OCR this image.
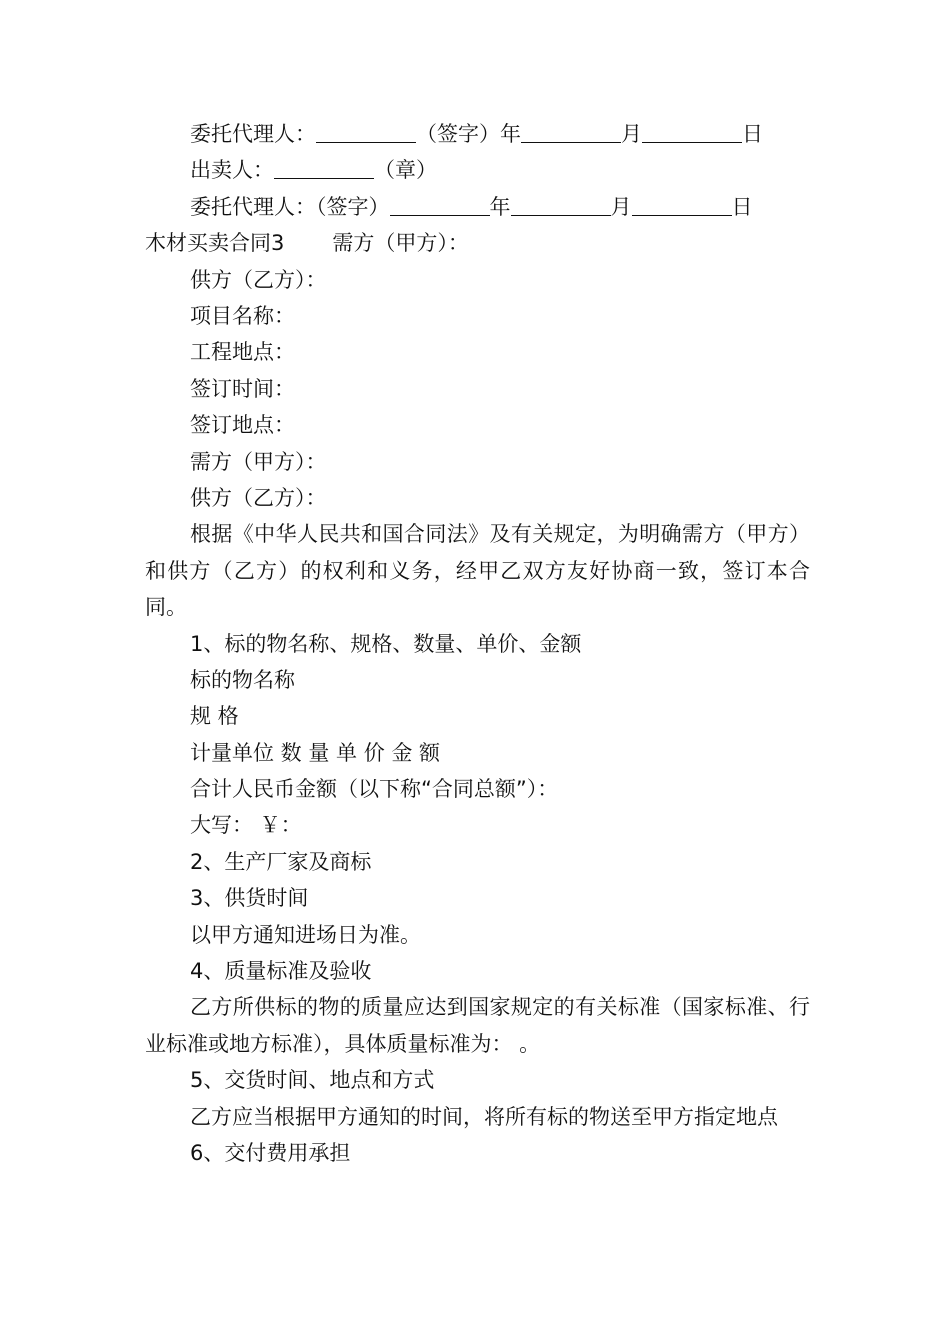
委托代理人：	（签字）年	月	日
出卖人：	（章）
委托代理人：（签字）	年	月	日
木材买卖合同3 需方（甲方）：
供方（乙方）：
项目名称：
工程地点：
签订时间：
签订地点：
需方（甲方）：
供方（乙方）：
根据《中华人民共和国合同法》及有关规定，为明确需方（甲方）和供方（乙方）的权利和义务，经甲乙双方友好协商一致，签订本合同。
1、标的物名称、规格、数量、单价、金额
标的物名称
规 格
计量单位 数 量 单 价 金 额
合计人民币金额（以下称“合同总额”）：
大写： ￥：
2、生产厂家及商标
3、供货时间
以甲方通知进场日为准。
4、质量标准及验收
乙方所供标的物的质量应达到国家规定的有关标准（国家标准、行业标准或地方标准），具体质量标准为： 。
5、交货时间、地点和方式
乙方应当根据甲方通知的时间，将所有标的物送至甲方指定地点
6、交付费用承担
